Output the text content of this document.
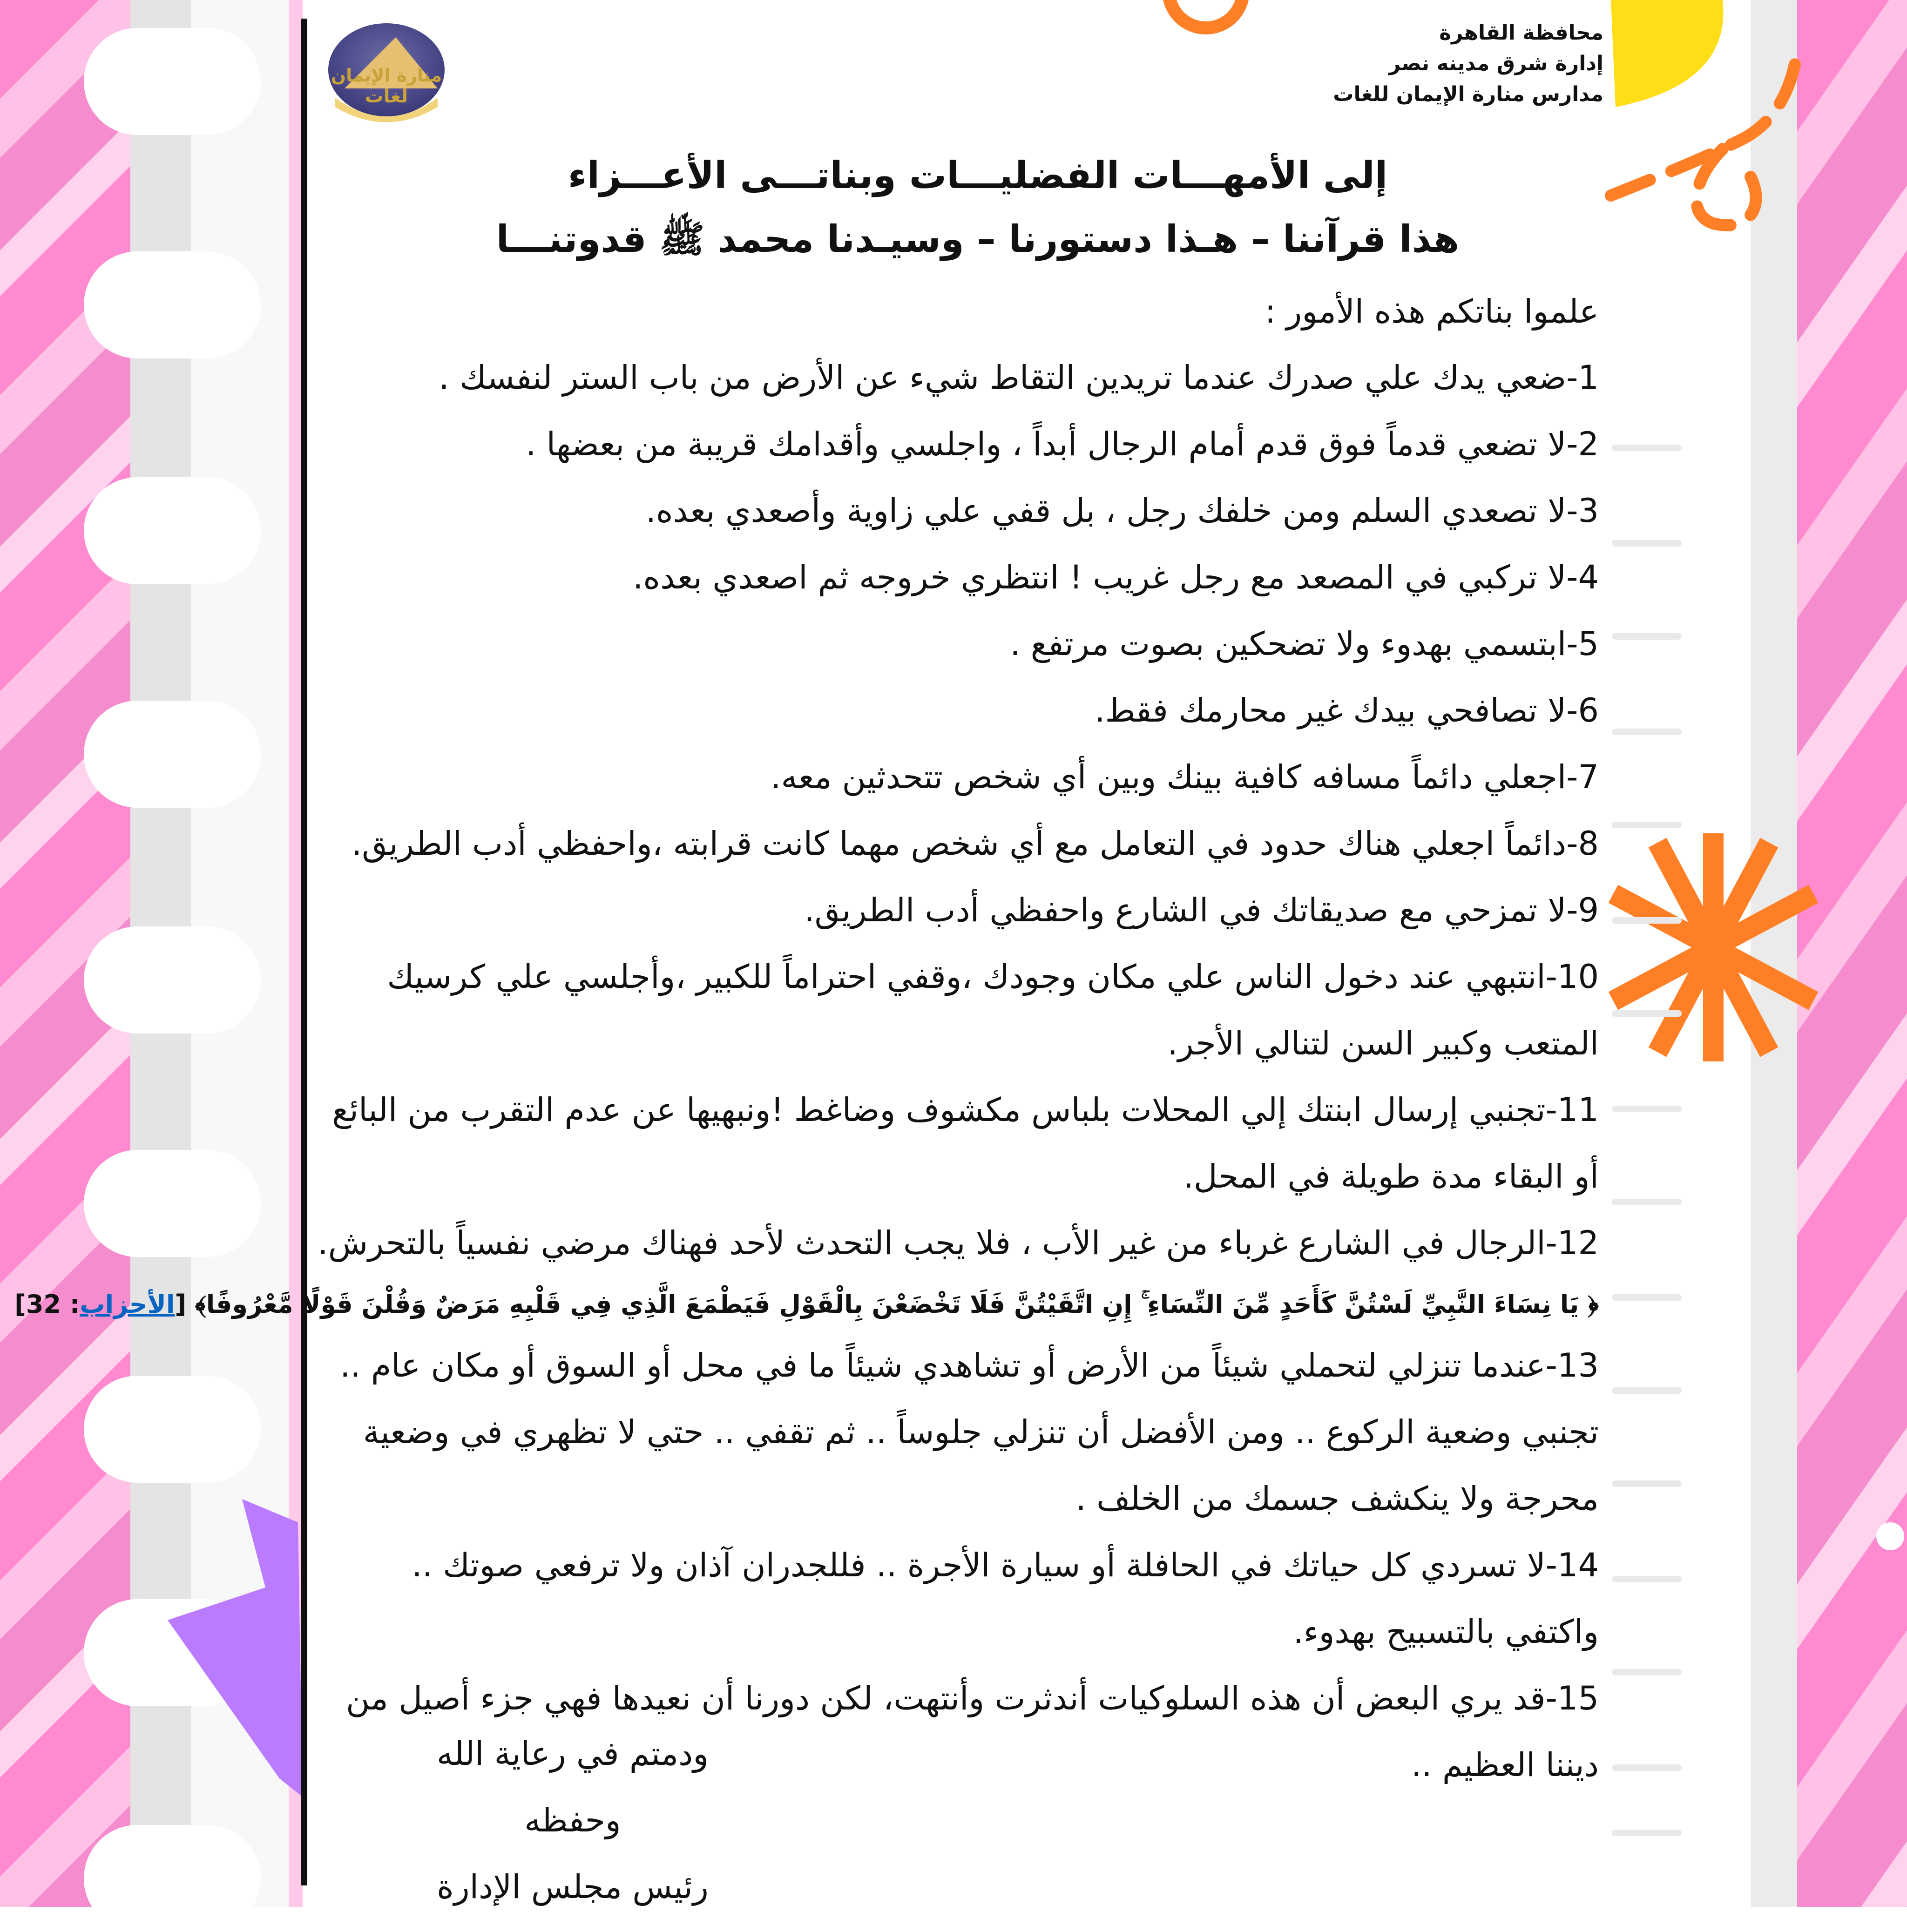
محافظة القاهرة
إدارة شرق مدينه نصر
مدارس منارة الإيمان للغات
منارة الإيمان
لغات
إلى الأمهـــات الفضليـــات وبناتـــى الأعـــزاء
هذا قرآننا – هـذا دستورنا – وسيـدنا محمد ﷺ قدوتنـــا
علموا بناتكم هذه الأمور :

1-ضعي يدك علي صدرك عندما تريدين التقاط شيء عن الأرض من باب الستر لنفسك .

2-لا تضعي قدماً فوق قدم أمام الرجال أبداً ، واجلسي وأقدامك قريبة من بعضها .

3-لا تصعدي السلم ومن خلفك رجل ، بل قفي علي زاوية وأصعدي بعده.

4-لا تركبي في المصعد مع رجل غريب ! انتظري خروجه ثم اصعدي بعده.

5-ابتسمي بهدوء ولا تضحكين بصوت مرتفع .

6-لا تصافحي بيدك غير محارمك فقط.

7-اجعلي دائماً مسافه كافية بينك وبين أي شخص تتحدثين معه.

8-دائماً اجعلي هناك حدود في التعامل مع أي شخص مهما كانت قرابته ،واحفظي أدب الطريق.

9-لا تمزحي مع صديقاتك في الشارع واحفظي أدب الطريق.

10-انتبهي عند دخول الناس علي مكان وجودك ،وقفي احتراماً للكبير ،وأجلسي علي كرسيك المتعب وكبير السن لتنالي الأجر.

11-تجنبي إرسال ابنتك إلي المحلات بلباس مكشوف وضاغط !ونبهيها عن عدم التقرب من البائع أو البقاء مدة طويلة في المحل.

12-الرجال في الشارع غرباء من غير الأب ، فلا يجب التحدث لأحد فهناك مرضي نفسياً بالتحرش.

﴿ يَا نِسَاءَ النَّبِيِّ لَسْتُنَّ كَأَحَدٍ مِّنَ النِّسَاءِ ۚ إِنِ اتَّقَيْتُنَّ فَلَا تَخْضَعْنَ بِالْقَوْلِ فَيَطْمَعَ الَّذِي فِي قَلْبِهِ مَرَضٌ وَقُلْنَ قَوْلًا مَّعْرُوفًا﴾ [الأحزاب: 32]

13-عندما تنزلي لتحملي شيئاً من الأرض أو تشاهدي شيئاً ما في محل أو السوق أو مكان عام .. تجنبي وضعية الركوع .. ومن الأفضل أن تنزلي جلوساً .. ثم تقفي .. حتي لا تظهري في وضعية محرجة ولا ينكشف جسمك من الخلف .

14-لا تسردي كل حياتك في الحافلة أو سيارة الأجرة .. فللجدران آذان ولا ترفعي صوتك .. واكتفي بالتسبيح بهدوء.

15-قد يري البعض أن هذه السلوكيات أندثرت وأنتهت، لكن دورنا أن نعيدها فهي جزء أصيل من ديننا العظيم ..

ودمتم في رعاية الله وحفظه
رئيس مجلس الإدارة
